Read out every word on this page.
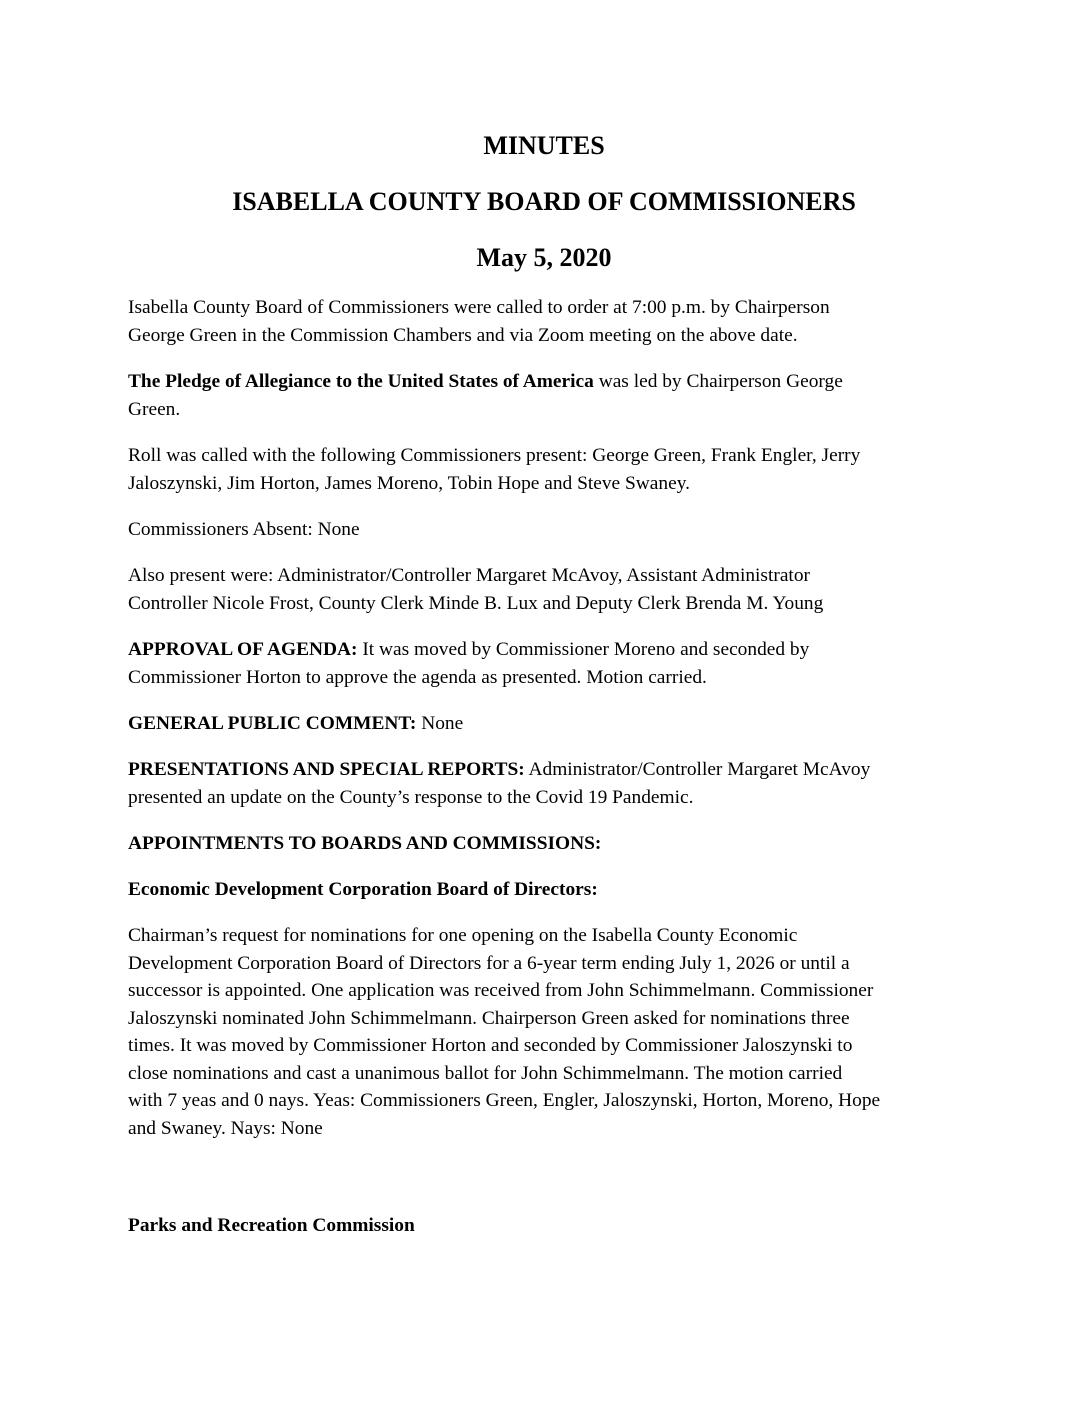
MINUTES
ISABELLA COUNTY BOARD OF COMMISSIONERS
May 5, 2020
Isabella County Board of Commissioners were called to order at 7:00 p.m. by Chairperson
George Green in the Commission Chambers and via Zoom meeting on the above date.
The Pledge of Allegiance to the United States of America was led by Chairperson George
Green.
Roll was called with the following Commissioners present: George Green, Frank Engler, Jerry
Jaloszynski, Jim Horton, James Moreno, Tobin Hope and Steve Swaney.
Commissioners Absent: None
Also present were: Administrator/Controller Margaret McAvoy, Assistant Administrator
Controller Nicole Frost, County Clerk Minde B. Lux and Deputy Clerk Brenda M. Young
APPROVAL OF AGENDA: It was moved by Commissioner Moreno and seconded by
Commissioner Horton to approve the agenda as presented. Motion carried.
GENERAL PUBLIC COMMENT: None
PRESENTATIONS AND SPECIAL REPORTS: Administrator/Controller Margaret McAvoy
presented an update on the County’s response to the Covid 19 Pandemic.
APPOINTMENTS TO BOARDS AND COMMISSIONS:
Economic Development Corporation Board of Directors:
Chairman’s request for nominations for one opening on the Isabella County Economic
Development Corporation Board of Directors for a 6-year term ending July 1, 2026 or until a
successor is appointed. One application was received from John Schimmelmann. Commissioner
Jaloszynski nominated John Schimmelmann. Chairperson Green asked for nominations three
times. It was moved by Commissioner Horton and seconded by Commissioner Jaloszynski to
close nominations and cast a unanimous ballot for John Schimmelmann. The motion carried
with 7 yeas and 0 nays. Yeas: Commissioners Green, Engler, Jaloszynski, Horton, Moreno, Hope
and Swaney. Nays: None
Parks and Recreation Commission
